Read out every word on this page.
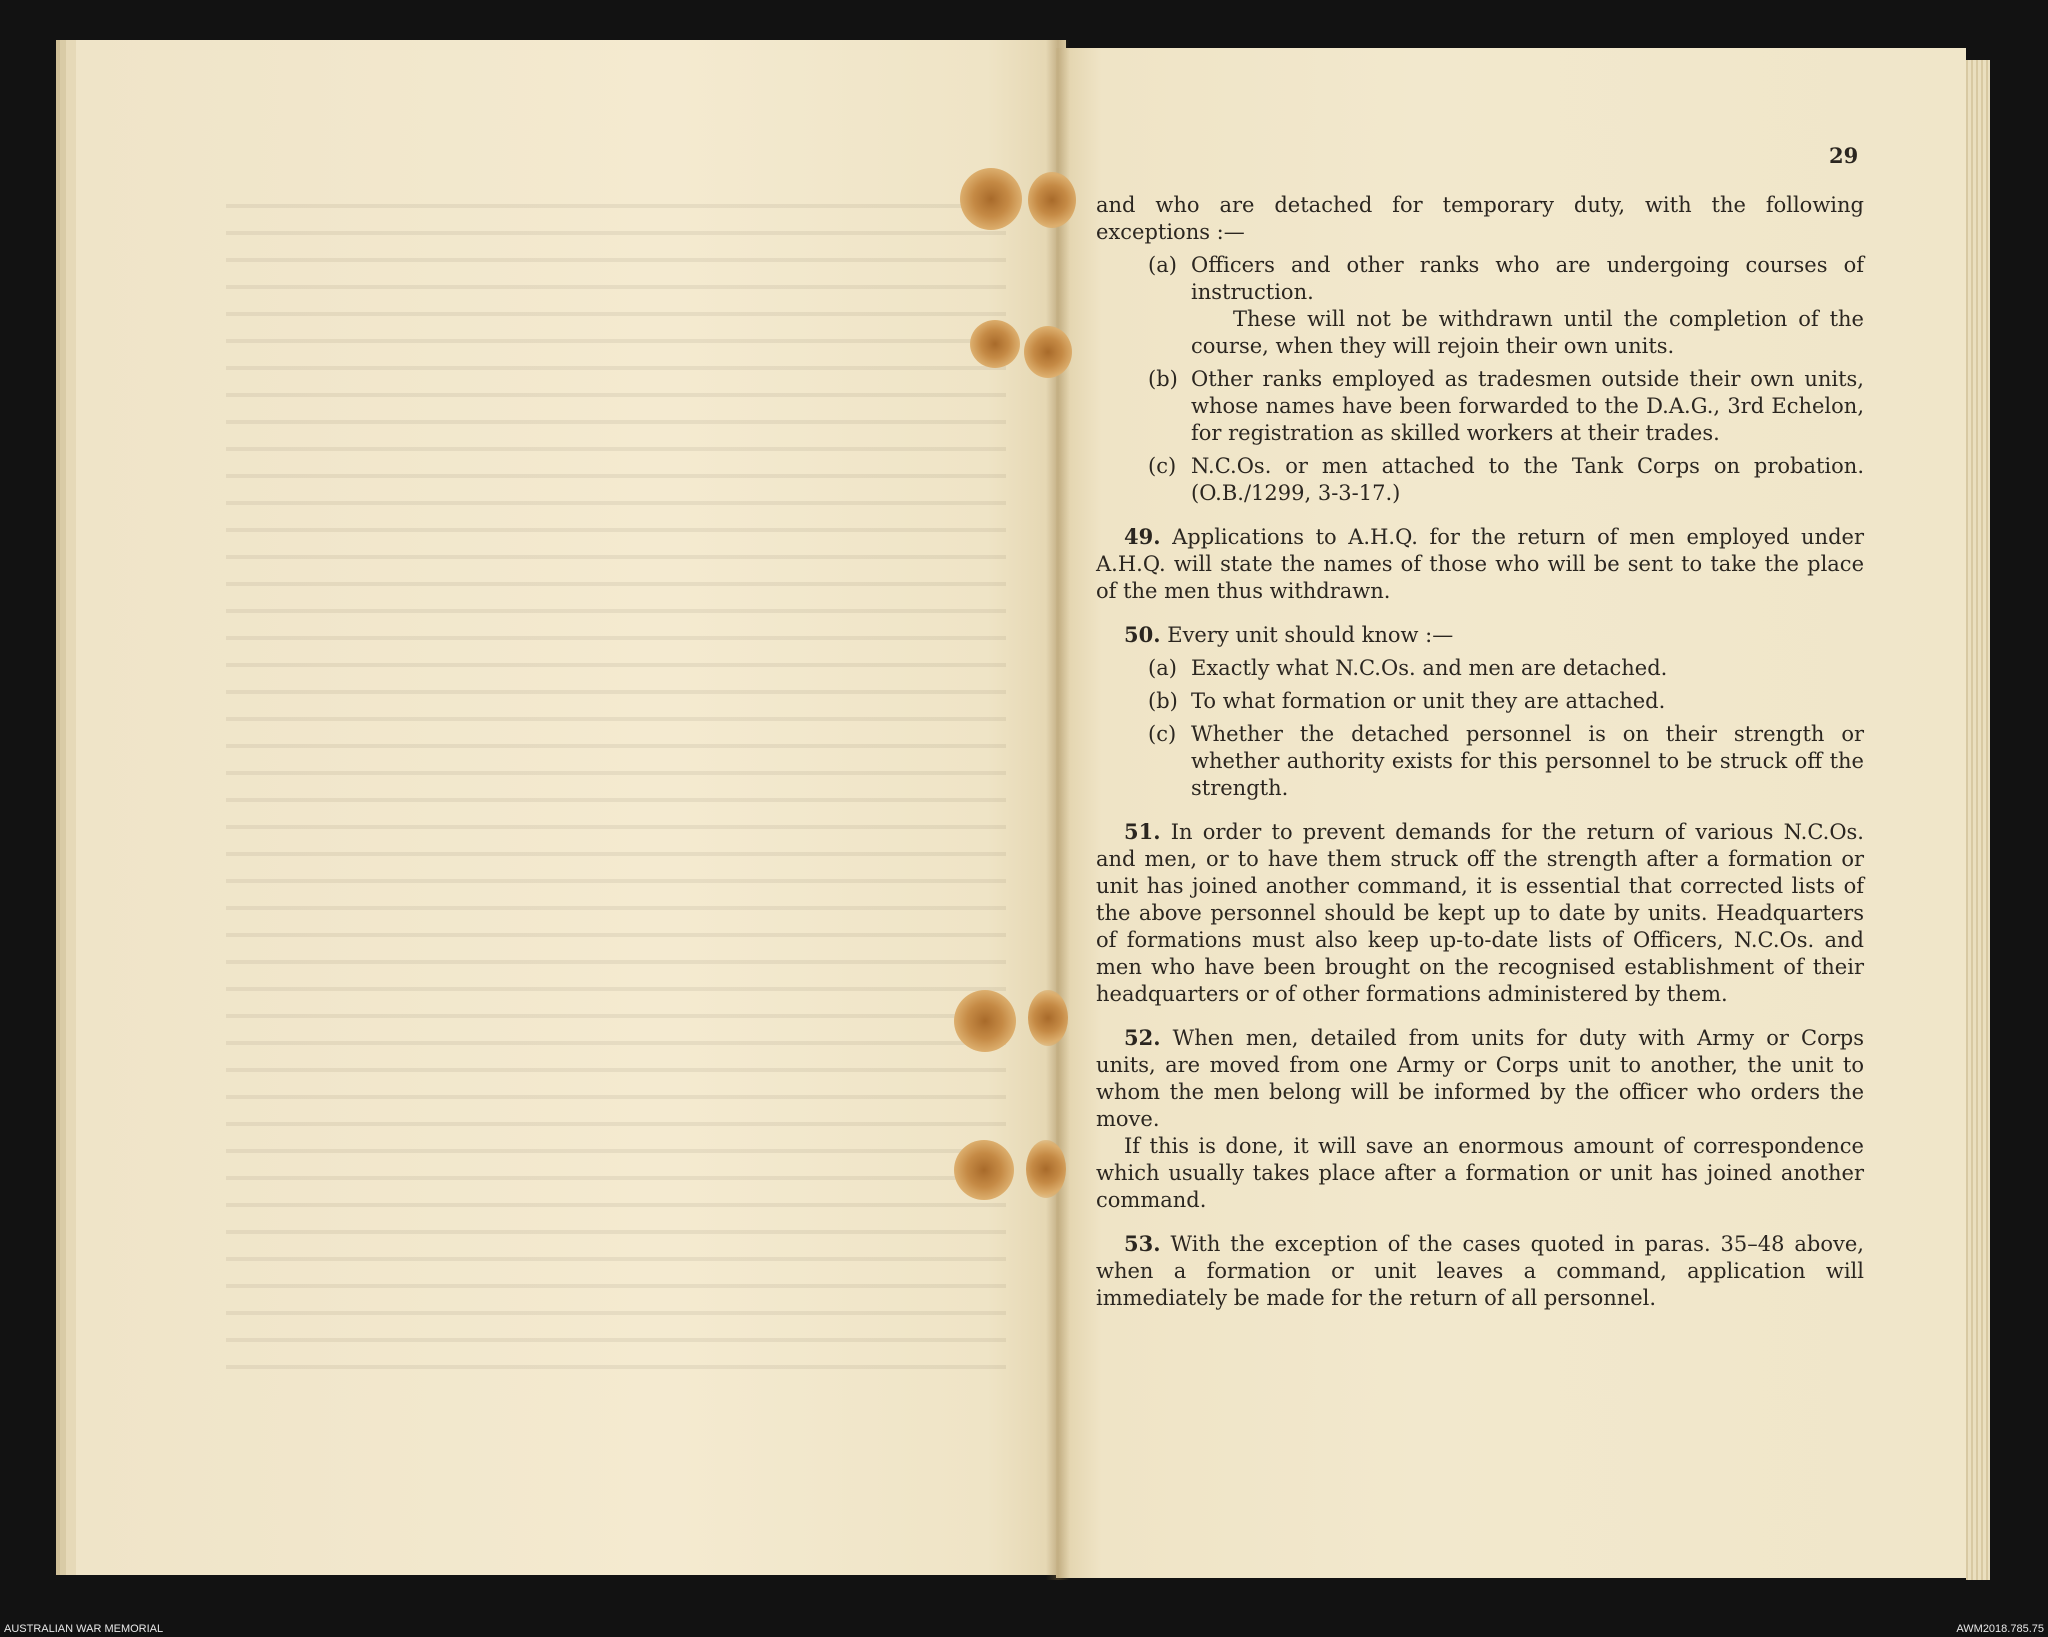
29

and who are detached for temporary duty, with the following exceptions :—

(a) Officers and other ranks who are undergoing courses of instruction.

These will not be withdrawn until the completion of the course, when they will rejoin their own units.

(b) Other ranks employed as tradesmen outside their own units, whose names have been forwarded to the D.A.G., 3rd Echelon, for registration as skilled workers at their trades.
(c) N.C.Os. or men attached to the Tank Corps on probation. (O.B./1299, 3-3-17.)

49. Applications to A.H.Q. for the return of men employed under A.H.Q. will state the names of those who will be sent to take the place of the men thus withdrawn.

50. Every unit should know :—

(a) Exactly what N.C.Os. and men are detached.
(b) To what formation or unit they are attached.
(c) Whether the detached personnel is on their strength or whether authority exists for this personnel to be struck off the strength.

51. In order to prevent demands for the return of various N.C.Os. and men, or to have them struck off the strength after a formation or unit has joined another command, it is essential that corrected lists of the above personnel should be kept up to date by units. Headquarters of formations must also keep up-to-date lists of Officers, N.C.Os. and men who have been brought on the recognised establishment of their headquarters or of other formations administered by them.

52. When men, detailed from units for duty with Army or Corps units, are moved from one Army or Corps unit to another, the unit to whom the men belong will be informed by the officer who orders the move.

If this is done, it will save an enormous amount of correspondence which usually takes place after a formation or unit has joined another command.

53. With the exception of the cases quoted in paras. 35–48 above, when a formation or unit leaves a command, application will immediately be made for the return of all personnel.

AUSTRALIAN WAR MEMORIAL	AWM2018.785.75
